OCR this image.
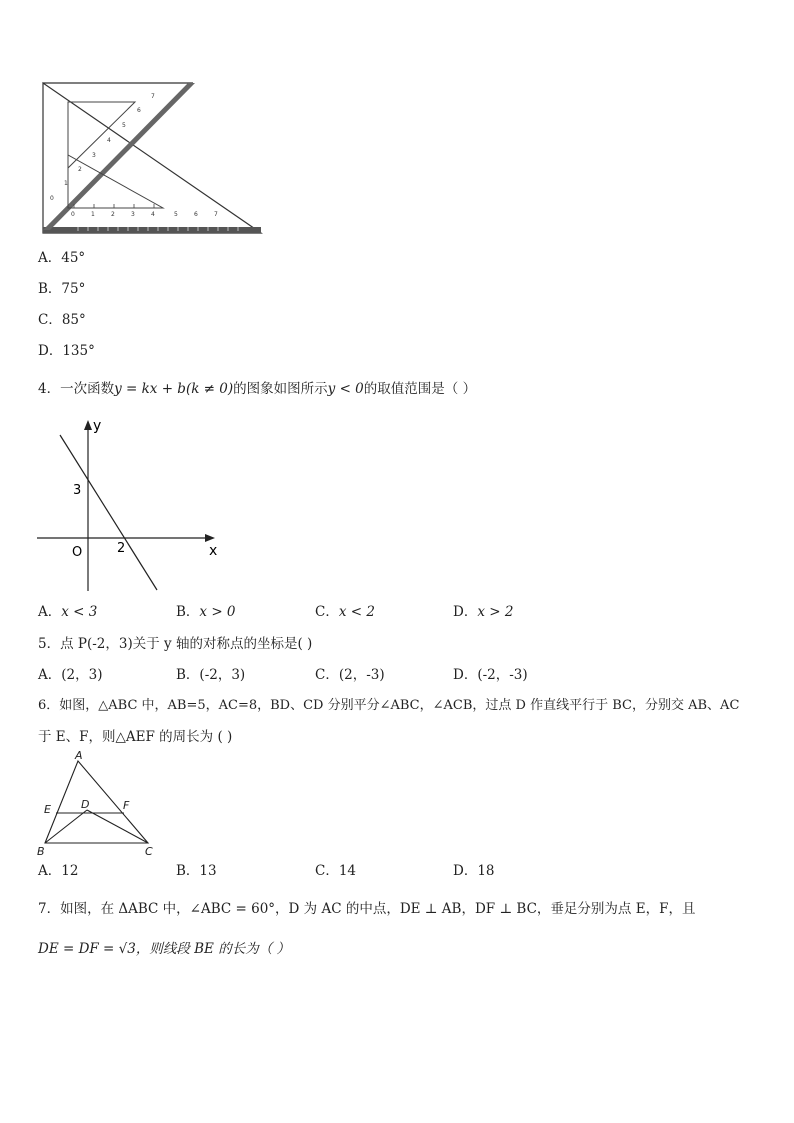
0	1	2	3	4	5	6	7
0
1
2
3
4
5
6
7
A．45°
B．75°
C．85°
D．135°
4．一次函数y = kx + b(k ≠ 0)的图象如图所示y < 0的取值范围是（ ）
y
x
O
3
2
A．x < 3	B．x > 0	C．x < 2	D．x > 2
5．点 P(-2，3)关于 y 轴的对称点的坐标是( )
A．(2，3)	B．(-2，3)	C．(2，-3)	D．(-2，-3)
6．如图，△ABC 中，AB=5，AC=8，BD、CD 分别平分∠ABC，∠ACB，过点 D 作直线平行于 BC，分别交 AB、AC
于 E、F，则△AEF 的周长为 ( )
A
B	C
D
E	F
A．12	B．13	C．14	D．18
7．如图，在 ΔABC 中，∠ABC = 60°，D 为 AC 的中点，DE ⊥ AB，DF ⊥ BC，垂足分别为点 E，F，且
DE = DF = √3，则线段 BE 的长为（ ）
